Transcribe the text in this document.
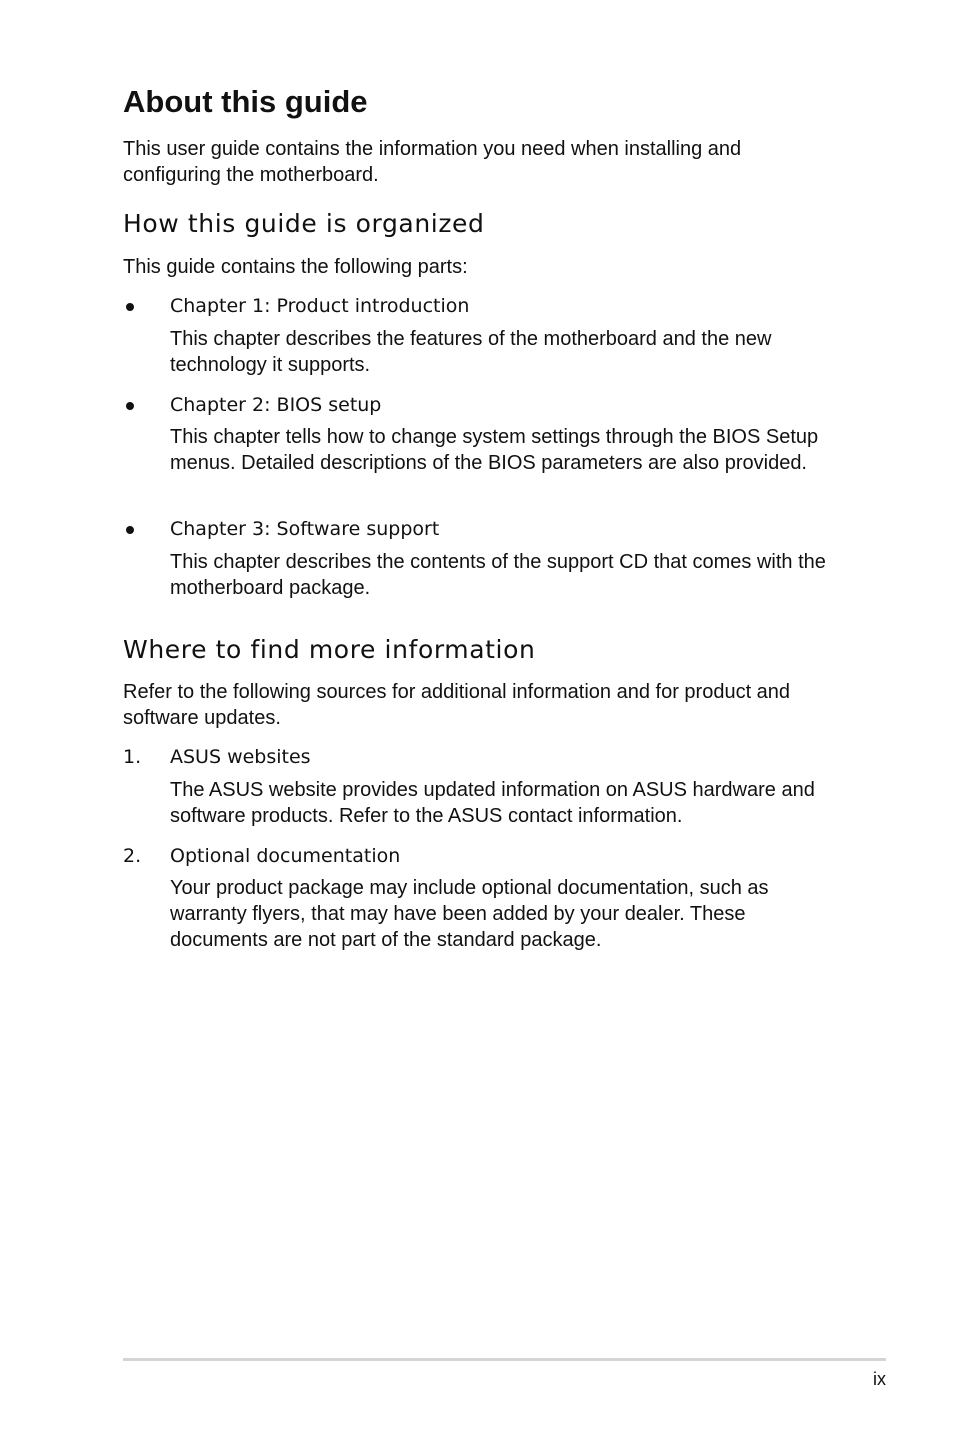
About this guide

This user guide contains the information you need when installing and configuring the motherboard.

How this guide is organized

This guide contains the following parts:

Chapter 1: Product introduction

This chapter describes the features of the motherboard and the new technology it supports.

Chapter 2: BIOS setup

This chapter tells how to change system settings through the BIOS Setup menus. Detailed descriptions of the BIOS parameters are also provided.

Chapter 3: Software support

This chapter describes the contents of the support CD that comes with the motherboard package.

Where to find more information

Refer to the following sources for additional information and for product and software updates.

1. ASUS websites

The ASUS website provides updated information on ASUS hardware and software products. Refer to the ASUS contact information.

2. Optional documentation

Your product package may include optional documentation, such as warranty flyers, that may have been added by your dealer. These documents are not part of the standard package.

ix
